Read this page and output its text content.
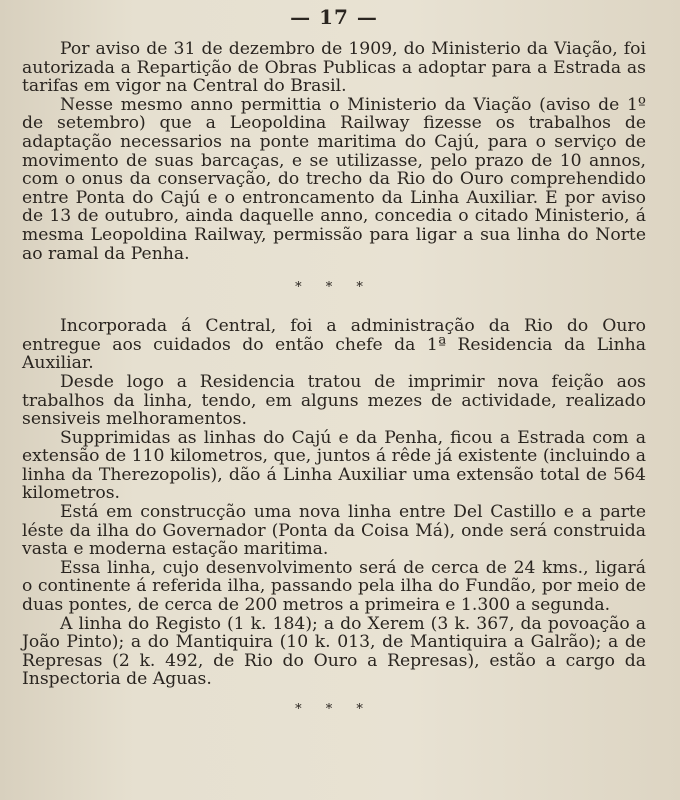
— 17 —

Por aviso de 31 de dezembro de 1909, do Ministerio da Viação, foi autorizada a Repartição de Obras Publicas a adoptar para a Estrada as tarifas em vigor na Central do Brasil.

Nesse mesmo anno permittia o Ministerio da Viação (aviso de 1º de setembro) que a Leopoldina Railway fizesse os trabalhos de adaptação necessarios na ponte maritima do Cajú, para o serviço de movimento de suas barcaças, e se utilizasse, pelo prazo de 10 annos, com o onus da conservação, do trecho da Rio do Ouro comprehendido entre Ponta do Cajú e o entroncamento da Linha Auxiliar. E por aviso de 13 de outubro, ainda daquelle anno, concedia o citado Ministerio, á mesma Leopoldina Railway, permissão para ligar a sua linha do Norte ao ramal da Penha.

* * *

Incorporada á Central, foi a administração da Rio do Ouro entregue aos cuidados do então chefe da 1ª Residencia da Linha Auxiliar.

Desde logo a Residencia tratou de imprimir nova feição aos trabalhos da linha, tendo, em alguns mezes de actividade, realizado sensiveis melhoramentos.

Supprimidas as linhas do Cajú e da Penha, ficou a Estrada com a extensão de 110 kilometros, que, juntos á rêde já existente (incluindo a linha da Therezopolis), dão á Linha Auxiliar uma extensão total de 564 kilometros.

Está em construcção uma nova linha entre Del Castillo e a parte léste da ilha do Governador (Ponta da Coisa Má), onde será construida vasta e moderna estação maritima.

Essa linha, cujo desenvolvimento será de cerca de 24 kms., ligará o continente á referida ilha, passando pela ilha do Fundão, por meio de duas pontes, de cerca de 200 metros a primeira e 1.300 a segunda.

A linha do Registo (1 k. 184); a do Xerem (3 k. 367, da povoação a João Pinto); a do Mantiquira (10 k. 013, de Mantiquira a Galrão); a de Represas (2 k. 492, de Rio do Ouro a Represas), estão a cargo da Inspectoria de Aguas.

* * *
